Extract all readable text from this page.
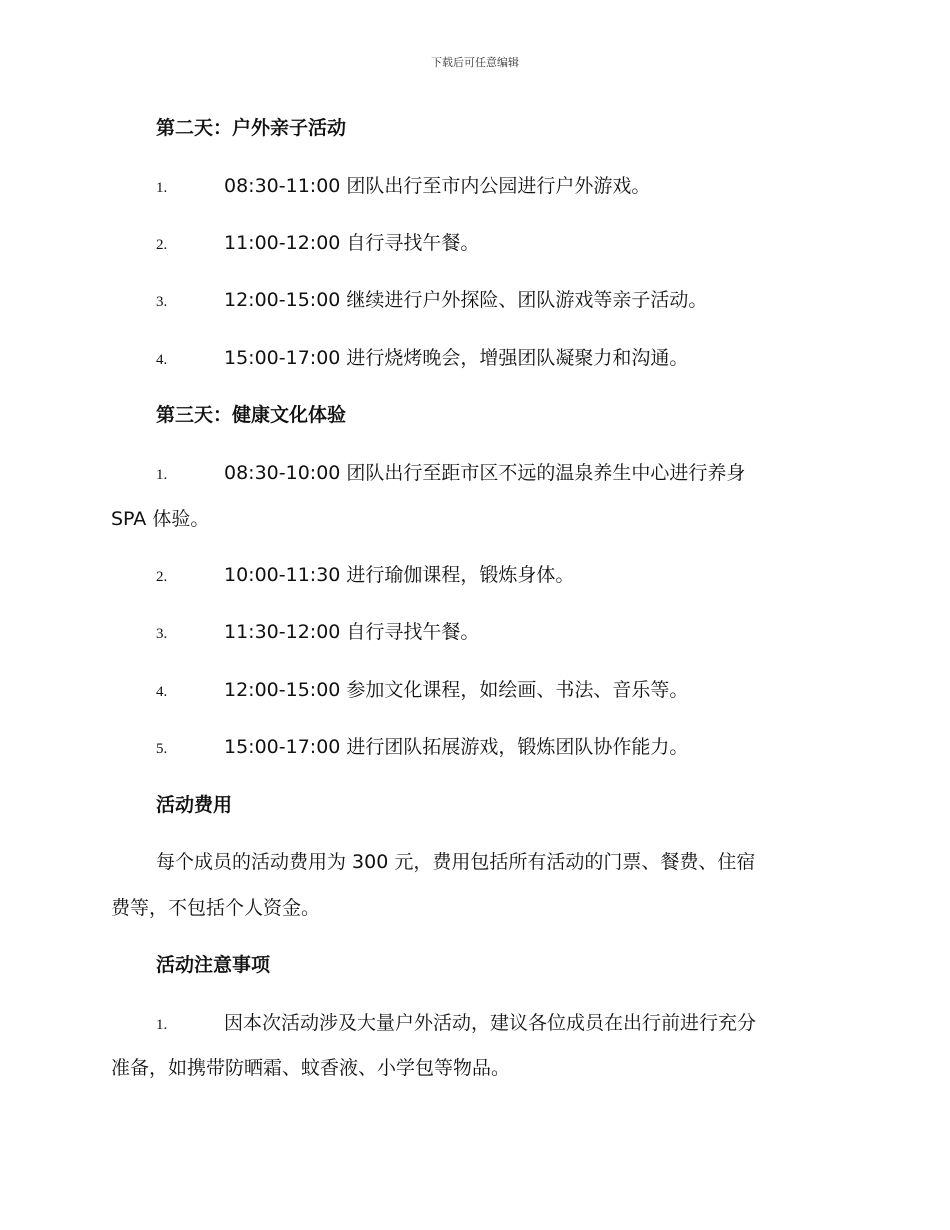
下载后可任意编辑
第二天：户外亲子活动
1.	08:30-11:00 团队出行至市内公园进行户外游戏。
2.	11:00-12:00 自行寻找午餐。
3.	12:00-15:00 继续进行户外探险、团队游戏等亲子活动。
4.	15:00-17:00 进行烧烤晚会，增强团队凝聚力和沟通。
第三天：健康文化体验
1.	08:30-10:00 团队出行至距市区不远的温泉养生中心进行养身
SPA 体验。
2.	10:00-11:30 进行瑜伽课程，锻炼身体。
3.	11:30-12:00 自行寻找午餐。
4.	12:00-15:00 参加文化课程，如绘画、书法、音乐等。
5.	15:00-17:00 进行团队拓展游戏，锻炼团队协作能力。
活动费用
每个成员的活动费用为 300 元，费用包括所有活动的门票、餐费、住宿
费等，不包括个人资金。
活动注意事项
1.	因本次活动涉及大量户外活动，建议各位成员在出行前进行充分
准备，如携带防晒霜、蚊香液、小学包等物品。
